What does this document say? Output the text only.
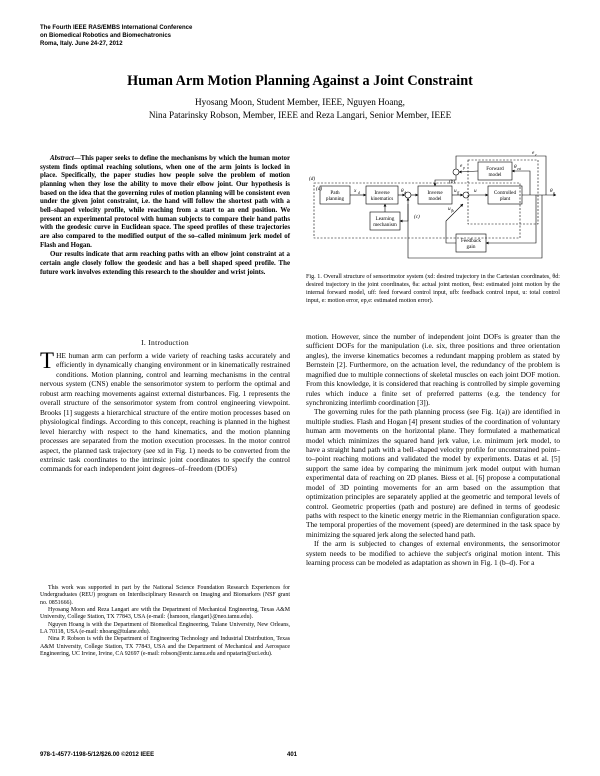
The Fourth IEEE RAS/EMBS International Conference
on Biomedical Robotics and Biomechatronics
Roma, Italy. June 24-27, 2012
Human Arm Motion Planning Against a Joint Constraint
Hyosang Moon, Student Member, IEEE, Nguyen Hoang,
Nina Patarinsky Robson, Member, IEEE and Reza Langari, Senior Member, IEEE

Abstract—This paper seeks to define the mechanisms by which the human motor system finds optimal reaching solutions, when one of the arm joints is locked in place. Specifically, the paper studies how people solve the problem of motion planning when they lose the ability to move their elbow joint. Our hypothesis is based on the idea that the governing rules of motion planning will be consistent even under the given joint constraint, i.e. the hand will follow the shortest path with a bell–shaped velocity profile, while reaching from a start to an end position. We present an experimental protocol with human subjects to compare their hand paths with the geodesic curve in Euclidean space. The speed profiles of these trajectories are also compared to the modified output of the so–called minimum jerk model of Flash and Hogan.

Our results indicate that arm reaching paths with an elbow joint constraint at a certain angle closely follow the geodesic and has a bell shaped speed profile. The future work involves extending this research to the shoulder and wrist joints.

I. Introduction

THE human arm can perform a wide variety of reaching tasks accurately and efficiently in dynamically changing environment or in kinematically restrained conditions. Motion planning, control and learning mechanisms in the central nervous system (CNS) enable the sensorimotor system to perform the optimal and robust arm reaching movements against external disturbances. Fig. 1 represents the overall structure of the sensorimotor system from control engineering viewpoint. Brooks [1] suggests a hierarchical structure of the entire motion processes based on physiological findings. According to this concept, reaching is planned in the highest level hierarchy with respect to the hand kinematics, and the motion planning processes are separated from the motion execution processes. In the motor control aspect, the planned task trajectory (see xd in Fig. 1) needs to be converted from the extrinsic task coordinates to the intrinsic joint coordinates to specify the control commands for each independent joint degrees–of–freedom (DOFs)

This work was supported in part by the National Science Foundation Research Experiences for Undergraduates (REU) program on Interdisciplinary Research on Imaging and Biomarkers (NSF grant no. 0851666).

Hyosang Moon and Reza Langari are with the Department of Mechanical Engineering, Texas A&M University, College Station, TX 77843, USA (e-mail: {hsmoon, rlangari}@neo.tamu.edu).

Nguyen Hoang is with the Department of Biomedical Engineering, Tulane University, New Orleans, LA 70118, USA (e-mail: nhoang@tulane.edu).

Nina P. Robson is with the Department of Engineering Technology and Industrial Distribution, Texas A&M University, College Station, TX 77843, USA and the Department of Mechanical and Aerospace Engineering, UC Irvine, Irvine, CA 92697 (e-mail: robson@entc.tamu.edu and npatarin@uci.edu).

Path
planning
Inverse
kinematics
Inverse
model
Forward
model
Controlled
plant
Learning
mechanism
Feedback
gain
(d)
(a)
(b)
(c)
x d	θ d	u ff
u fb
u
e p	θ est
θ a
e e
Fig. 1. Overall structure of sensorimotor system (xd: desired trajectory in the Cartesian coordinates, θd: desired trajectory in the joint coordinates, θa: actual joint motion, θest: estimated joint motion by the internal forward model, uff: feed forward control input, ufb: feedback control input, u: total control input, e: motion error, ep,e: estimated motion error).

motion. However, since the number of independent joint DOFs is greater than the sufficient DOFs for the manipulation (i.e. six, three positions and three orientation angles), the inverse kinematics becomes a redundant mapping problem as stated by Bernstein [2]. Furthermore, on the actuation level, the redundancy of the problem is magnified due to multiple connections of skeletal muscles on each joint DOF motion. From this knowledge, it is considered that reaching is controlled by simple governing rules which induce a finite set of preferred patterns (e.g. the tendency for synchronizing interlimb coordination [3]).

The governing rules for the path planning process (see Fig. 1(a)) are identified in multiple studies. Flash and Hogan [4] present studies of the coordination of voluntary human arm movements on the horizontal plane. They formulated a mathematical model which minimizes the squared hand jerk value, i.e. minimum jerk model, to have a straight hand path with a bell–shaped velocity profile for unconstrained point–to–point reaching motions and validated the model by experiments. Datas et al. [5] support the same idea by comparing the minimum jerk model output with human experimental data of reaching on 2D planes. Biess et al. [6] propose a computational model of 3D pointing movements for an arm based on the assumption that optimization principles are separately applied at the geometric and temporal levels of control. Geometric properties (path and posture) are defined in terms of geodesic paths with respect to the kinetic energy metric in the Riemannian configuration space. The temporal properties of the movement (speed) are determined in the task space by minimizing the squared jerk along the selected hand path.

If the arm is subjected to changes of external environments, the sensorimotor system needs to be modified to achieve the subject's original motion intent. This learning process can be modeled as adaptation as shown in Fig. 1 (b–d). For a

978-1-4577-1198-5/12/$26.00 ©2012 IEEE	401
